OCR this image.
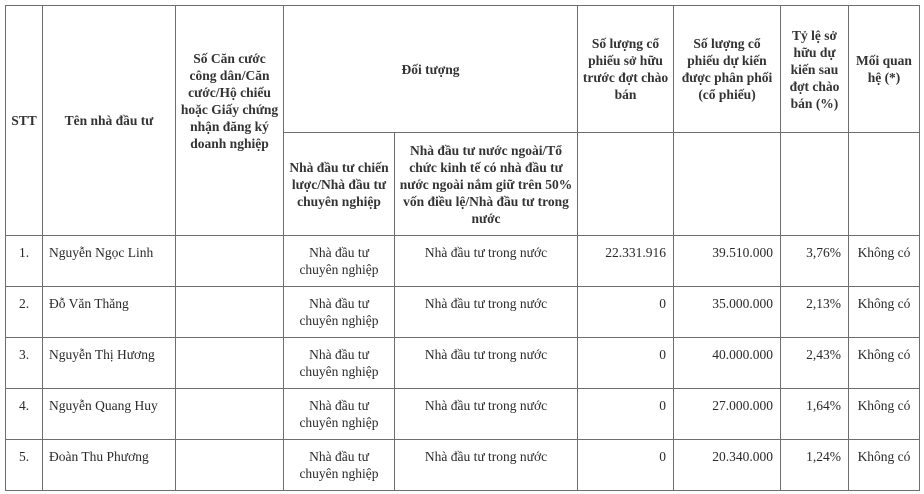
STT	Tên nhà đầu tư	Số Căn cước công dân/Căn cước/Hộ chiếu hoặc Giấy chứng nhận đăng ký doanh nghiệp	Đối tượng		Số lượng cổ phiếu sở hữu trước đợt chào bán	Số lượng cổ phiếu dự kiến được phân phối (cổ phiếu)	Tỷ lệ sở hữu dự kiến sau đợt chào bán (%)	Mối quan hệ (*)
			Nhà đầu tư chiến lược/Nhà đầu tư chuyên nghiệp	Nhà đầu tư nước ngoài/Tổ chức kinh tế có nhà đầu tư nước ngoài nắm giữ trên 50% vốn điều lệ/Nhà đầu tư trong nước				
1.	Nguyễn Ngọc Linh		Nhà đầu tư chuyên nghiệp	Nhà đầu tư trong nước	22.331.916	39.510.000	3,76%	Không có
2.	Đỗ Văn Thăng		Nhà đầu tư chuyên nghiệp	Nhà đầu tư trong nước	0	35.000.000	2,13%	Không có
3.	Nguyễn Thị Hương		Nhà đầu tư chuyên nghiệp	Nhà đầu tư trong nước	0	40.000.000	2,43%	Không có
4.	Nguyễn Quang Huy		Nhà đầu tư chuyên nghiệp	Nhà đầu tư trong nước	0	27.000.000	1,64%	Không có
5.	Đoàn Thu Phương		Nhà đầu tư chuyên nghiệp	Nhà đầu tư trong nước	0	20.340.000	1,24%	Không có
